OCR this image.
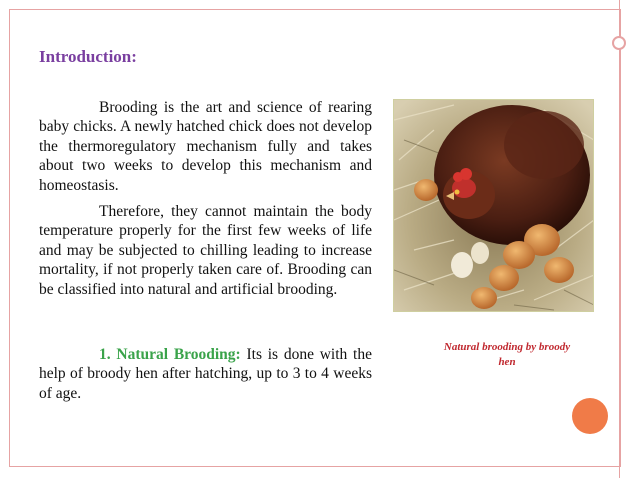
Introduction:

Brooding is the art and science of rearing baby chicks. A newly hatched chick does not develop the thermoregulatory mechanism fully and takes about two weeks to develop this mechanism and homeostasis.

Therefore, they cannot maintain the body temperature properly for the first few weeks of life and may be subjected to chilling leading to increase mortality, if not properly taken care of. Brooding can be classified into natural and artificial brooding.

1. Natural Brooding: Its is done with the help of broody hen after hatching, up to 3 to 4 weeks of age.

Natural brooding by broody hen
